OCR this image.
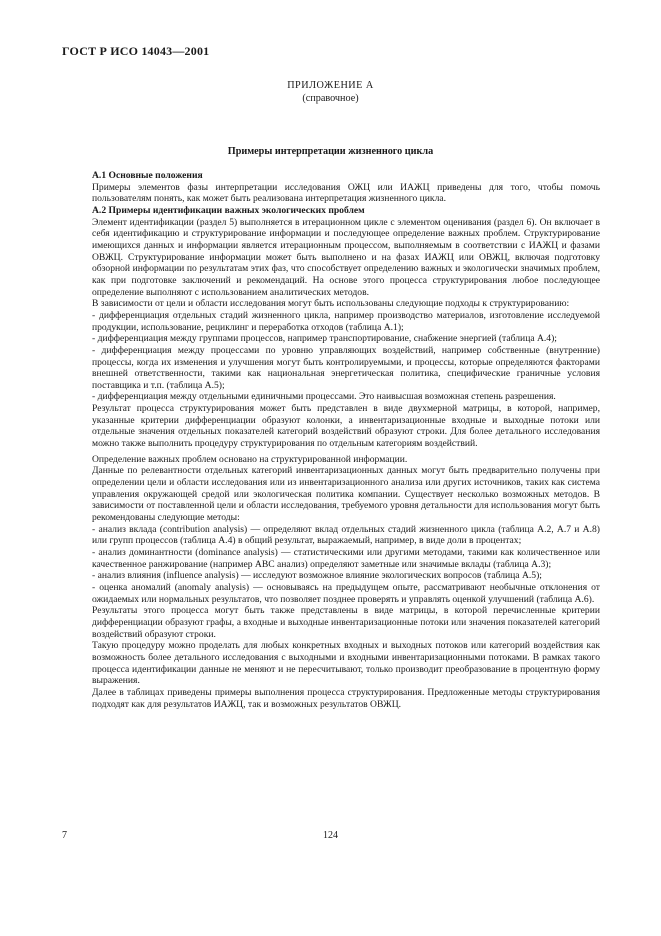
ГОСТ Р ИСО 14043—2001
ПРИЛОЖЕНИЕ А
(справочное)
Примеры интерпретации жизненного цикла

А.1 Основные положения

Примеры элементов фазы интерпретации исследования ОЖЦ или ИАЖЦ приведены для того, чтобы помочь пользователям понять, как может быть реализована интерпретация жизненного цикла.

А.2 Примеры идентификации важных экологических проблем

Элемент идентификации (раздел 5) выполняется в итерационном цикле с элементом оценивания (раздел 6). Он включает в себя идентификацию и структурирование информации и последующее определение важных проблем. Структурирование имеющихся данных и информации является итерационным процессом, выполняемым в соответствии с ИАЖЦ и фазами ОВЖЦ. Структурирование информации может быть выполнено и на фазах ИАЖЦ или ОВЖЦ, включая подготовку обзорной информации по результатам этих фаз, что способствует определению важных и экологически значимых проблем, как при подготовке заключений и рекомендаций. На основе этого процесса структурирования любое последующее определение выполняют с использованием аналитических методов.

В зависимости от цели и области исследования могут быть использованы следующие подходы к структурированию:

- дифференциация отдельных стадий жизненного цикла, например производство материалов, изготовление исследуемой продукции, использование, рециклинг и переработка отходов (таблица А.1);

- дифференциация между группами процессов, например транспортирование, снабжение энергией (таблица А.4);

- дифференциация между процессами по уровню управляющих воздействий, например собственные (внутренние) процессы, когда их изменения и улучшения могут быть контролируемыми, и процессы, которые определяются факторами внешней ответственности, такими как национальная энергетическая политика, специфические граничные условия поставщика и т.п. (таблица А.5);

- дифференциация между отдельными единичными процессами. Это наивысшая возможная степень разрешения.

Результат процесса структурирования может быть представлен в виде двухмерной матрицы, в которой, например, указанные критерии дифференциации образуют колонки, а инвентаризационные входные и выходные потоки или отдельные значения отдельных показателей категорий воздействий образуют строки. Для более детального исследования можно также выполнить процедуру структурирования по отдельным категориям воздействий.

Определение важных проблем основано на структурированной информации.

Данные по релевантности отдельных категорий инвентаризационных данных могут быть предварительно получены при определении цели и области исследования или из инвентаризационного анализа или других источников, таких как система управления окружающей средой или экологическая политика компании. Существует несколько возможных методов. В зависимости от поставленной цели и области исследования, требуемого уровня детальности для использования могут быть рекомендованы следующие методы:

- анализ вклада (contribution analysis) — определяют вклад отдельных стадий жизненного цикла (таблица А.2, А.7 и А.8) или групп процессов (таблица А.4) в общий результат, выражаемый, например, в виде доли в процентах;

- анализ доминантности (dominance analysis) — статистическими или другими методами, такими как количественное или качественное ранжирование (например АВС анализ) определяют заметные или значимые вклады (таблица А.3);

- анализ влияния (influence analysis) — исследуют возможное влияние экологических вопросов (таблица А.5);

- оценка аномалий (anomaly analysis) — основываясь на предыдущем опыте, рассматривают необычные отклонения от ожидаемых или нормальных результатов, что позволяет позднее проверять и управлять оценкой улучшений (таблица А.6).

Результаты этого процесса могут быть также представлены в виде матрицы, в которой перечисленные критерии дифференциации образуют графы, а входные и выходные инвентаризационные потоки или значения показателей категорий воздействий образуют строки.

Такую процедуру можно проделать для любых конкретных входных и выходных потоков или категорий воздействия как возможность более детального исследования с выходными и входными инвентаризационными потоками. В рамках такого процесса идентификации данные не меняют и не пересчитывают, только производит преобразование в процентную форму выражения.

Далее в таблицах приведены примеры выполнения процесса структурирования. Предложенные методы структурирования подходят как для результатов ИАЖЦ, так и возможных результатов ОВЖЦ.

7	124
